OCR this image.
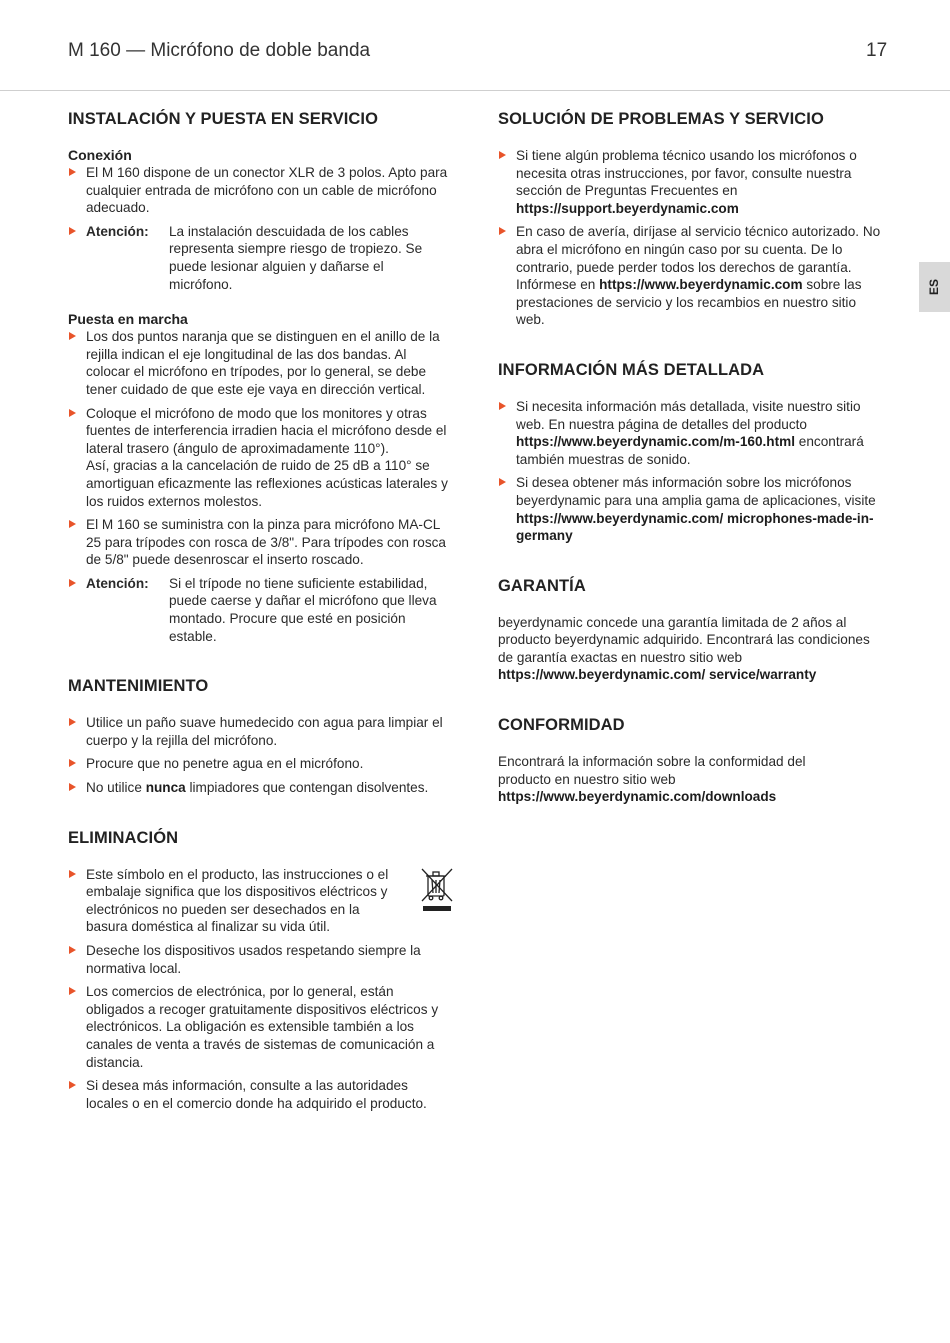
M 160 — Micrófono de doble banda	17
ES
INSTALACIÓN Y PUESTA EN SERVICIO
Conexión
El M 160 dispone de un conector XLR de 3 polos. Apto para cualquier entrada de micrófono con un cable de micrófono adecuado.
Atención:	La instalación descuidada de los cables representa siempre riesgo de tropiezo. Se puede lesionar alguien y dañarse el micrófono.
Puesta en marcha
Los dos puntos naranja que se distinguen en el anillo de la rejilla indican el eje longitudinal de las dos bandas. Al colocar el micrófono en trípodes, por lo general, se debe tener cuidado de que este eje vaya en dirección vertical.
Coloque el micrófono de modo que los monitores y otras fuentes de interferencia irradien hacia el micrófono desde el lateral trasero (ángulo de aproximadamente 110°).
Así, gracias a la cancelación de ruido de 25 dB a 110° se amortiguan eficazmente las reflexiones acústicas laterales y los ruidos externos molestos.
El M 160 se suministra con la pinza para micrófono MA-CL 25 para trípodes con rosca de 3/8". Para trípodes con rosca de 5/8" puede desenroscar el inserto roscado.
Atención:	Si el trípode no tiene suficiente estabilidad, puede caerse y dañar el micrófono que lleva montado. Procure que esté en posición estable.
MANTENIMIENTO
Utilice un paño suave humedecido con agua para limpiar el cuerpo y la rejilla del micrófono.
Procure que no penetre agua en el micrófono.
No utilice nunca limpiadores que contengan disolventes.
ELIMINACIÓN
Este símbolo en el producto, las instrucciones o el embalaje significa que los dispositivos eléctricos y electrónicos no pueden ser desechados en la basura doméstica al finalizar su vida útil.
Deseche los dispositivos usados respetando siempre la normativa local.
Los comercios de electrónica, por lo general, están obligados a recoger gratuitamente dispositivos eléctricos y electrónicos. La obligación es extensible también a los canales de venta a través de sistemas de comunicación a distancia.
Si desea más información, consulte a las autoridades locales o en el comercio donde ha adquirido el producto.
SOLUCIÓN DE PROBLEMAS Y SERVICIO
Si tiene algún problema técnico usando los micrófonos o necesita otras instrucciones, por favor, consulte nuestra sección de Preguntas Frecuentes en https://support.beyerdynamic.com
En caso de avería, diríjase al servicio técnico autorizado. No abra el micrófono en ningún caso por su cuenta. De lo contrario, puede perder todos los derechos de garantía. Infórmese en https://www.beyerdynamic.com sobre las prestaciones de servicio y los recambios en nuestro sitio web.
INFORMACIÓN MÁS DETALLADA
Si necesita información más detallada, visite nuestro sitio web. En nuestra página de detalles del producto https://www.beyerdynamic.com/m-160.html encontrará también muestras de sonido.
Si desea obtener más información sobre los micrófonos beyerdynamic para una amplia gama de aplicaciones, visite https://www.beyerdynamic.com/ microphones-made-in-germany
GARANTÍA

beyerdynamic concede una garantía limitada de 2 años al producto beyerdynamic adquirido. Encontrará las condiciones de garantía exactas en nuestro sitio web https://www.beyerdynamic.com/ service/warranty

CONFORMIDAD

Encontrará la información sobre la conformidad del producto en nuestro sitio web
https://www.beyerdynamic.com/downloads
